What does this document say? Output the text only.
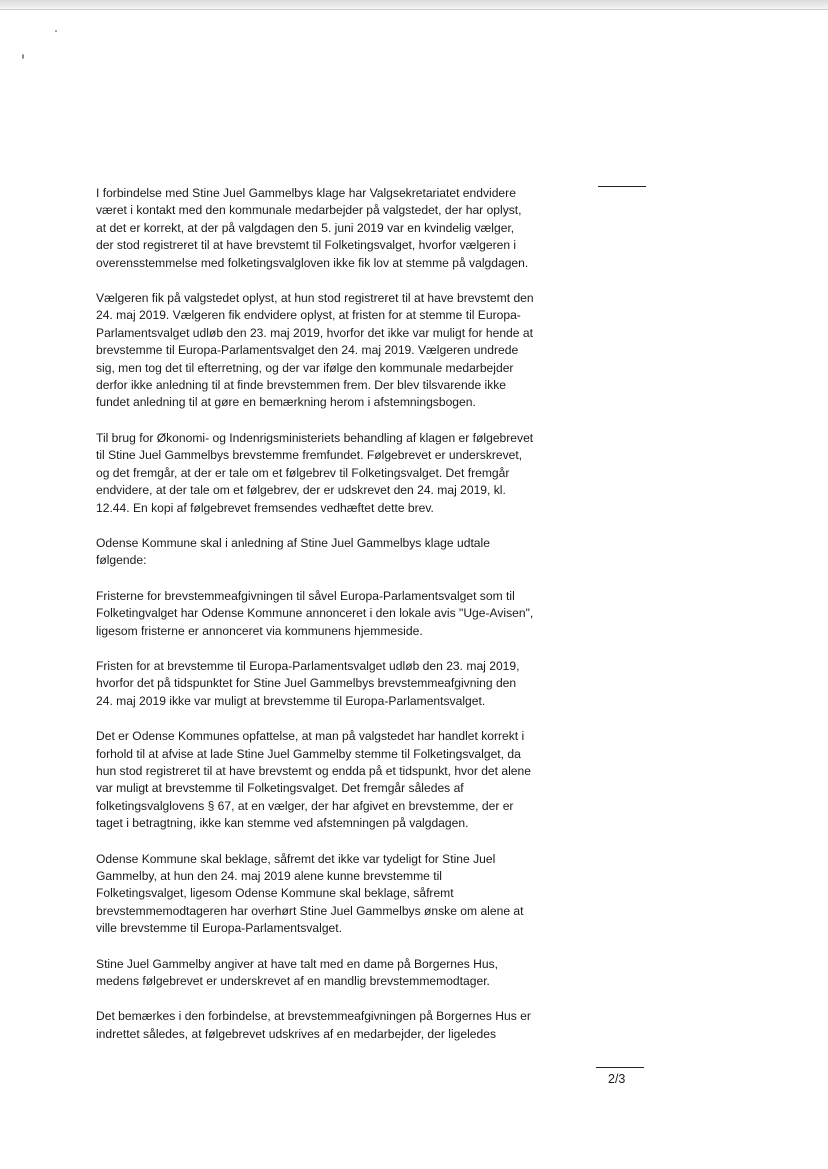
I forbindelse med Stine Juel Gammelbys klage har Valgsekretariatet endvidere
været i kontakt med den kommunale medarbejder på valgstedet, der har oplyst,
at det er korrekt, at der på valgdagen den 5. juni 2019 var en kvindelig vælger,
der stod registreret til at have brevstemt til Folketingsvalget, hvorfor vælgeren i
overensstemmelse med folketingsvalgloven ikke fik lov at stemme på valgdagen.

Vælgeren fik på valgstedet oplyst, at hun stod registreret til at have brevstemt den
24. maj 2019. Vælgeren fik endvidere oplyst, at fristen for at stemme til Europa-
Parlamentsvalget udløb den 23. maj 2019, hvorfor det ikke var muligt for hende at
brevstemme til Europa-Parlamentsvalget den 24. maj 2019. Vælgeren undrede
sig, men tog det til efterretning, og der var ifølge den kommunale medarbejder
derfor ikke anledning til at finde brevstemmen frem. Der blev tilsvarende ikke
fundet anledning til at gøre en bemærkning herom i afstemningsbogen.

Til brug for Økonomi- og Indenrigsministeriets behandling af klagen er følgebrevet
til Stine Juel Gammelbys brevstemme fremfundet. Følgebrevet er underskrevet,
og det fremgår, at der er tale om et følgebrev til Folketingsvalget. Det fremgår
endvidere, at der tale om et følgebrev, der er udskrevet den 24. maj 2019, kl.
12.44. En kopi af følgebrevet fremsendes vedhæftet dette brev.

Odense Kommune skal i anledning af Stine Juel Gammelbys klage udtale
følgende:

Fristerne for brevstemmeafgivningen til såvel Europa-Parlamentsvalget som til
Folketingvalget har Odense Kommune annonceret i den lokale avis "Uge-Avisen",
ligesom fristerne er annonceret via kommunens hjemmeside.

Fristen for at brevstemme til Europa-Parlamentsvalget udløb den 23. maj 2019,
hvorfor det på tidspunktet for Stine Juel Gammelbys brevstemmeafgivning den
24. maj 2019 ikke var muligt at brevstemme til Europa-Parlamentsvalget.

Det er Odense Kommunes opfattelse, at man på valgstedet har handlet korrekt i
forhold til at afvise at lade Stine Juel Gammelby stemme til Folketingsvalget, da
hun stod registreret til at have brevstemt og endda på et tidspunkt, hvor det alene
var muligt at brevstemme til Folketingsvalget. Det fremgår således af
folketingsvalglovens § 67, at en vælger, der har afgivet en brevstemme, der er
taget i betragtning, ikke kan stemme ved afstemningen på valgdagen.

Odense Kommune skal beklage, såfremt det ikke var tydeligt for Stine Juel
Gammelby, at hun den 24. maj 2019 alene kunne brevstemme til
Folketingsvalget, ligesom Odense Kommune skal beklage, såfremt
brevstemmemodtageren har overhørt Stine Juel Gammelbys ønske om alene at
ville brevstemme til Europa-Parlamentsvalget.

Stine Juel Gammelby angiver at have talt med en dame på Borgernes Hus,
medens følgebrevet er underskrevet af en mandlig brevstemmemodtager.

Det bemærkes i den forbindelse, at brevstemmeafgivningen på Borgernes Hus er
indrettet således, at følgebrevet udskrives af en medarbejder, der ligeledes

2/3
